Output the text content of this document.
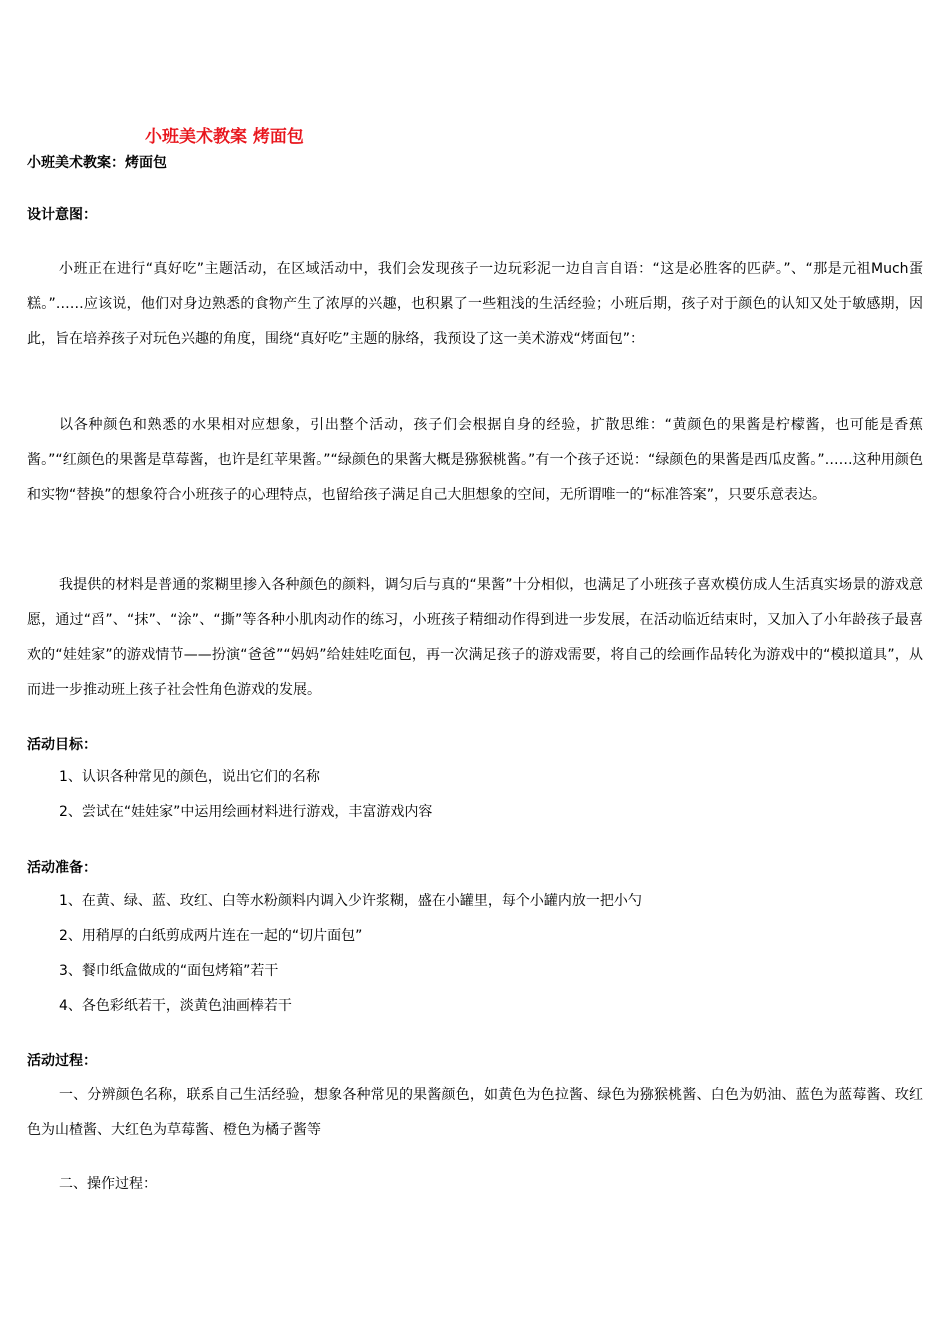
小班美术教案 烤面包
小班美术教案：烤面包
设计意图：

小班正在进行“真好吃”主题活动，在区域活动中，我们会发现孩子一边玩彩泥一边自言自语：“这是必胜客的匹萨。”、“那是元祖Much蛋糕。”……应该说，他们对身边熟悉的食物产生了浓厚的兴趣，也积累了一些粗浅的生活经验；小班后期，孩子对于颜色的认知又处于敏感期，因此，旨在培养孩子对玩色兴趣的角度，围绕“真好吃”主题的脉络，我预设了这一美术游戏“烤面包”：

以各种颜色和熟悉的水果相对应想象，引出整个活动，孩子们会根据自身的经验，扩散思维：“黄颜色的果酱是柠檬酱，也可能是香蕉酱。”“红颜色的果酱是草莓酱，也许是红苹果酱。”“绿颜色的果酱大概是猕猴桃酱。”有一个孩子还说：“绿颜色的果酱是西瓜皮酱。”……这种用颜色和实物“替换”的想象符合小班孩子的心理特点，也留给孩子满足自己大胆想象的空间，无所谓唯一的“标准答案”，只要乐意表达。

我提供的材料是普通的浆糊里掺入各种颜色的颜料，调匀后与真的“果酱”十分相似，也满足了小班孩子喜欢模仿成人生活真实场景的游戏意愿，通过“舀”、“抹”、“涂”、“撕”等各种小肌肉动作的练习，小班孩子精细动作得到进一步发展，在活动临近结束时，又加入了小年龄孩子最喜欢的“娃娃家”的游戏情节——扮演“爸爸”“妈妈”给娃娃吃面包，再一次满足孩子的游戏需要，将自己的绘画作品转化为游戏中的“模拟道具”，从而进一步推动班上孩子社会性角色游戏的发展。

活动目标：

1、认识各种常见的颜色，说出它们的名称

2、尝试在“娃娃家”中运用绘画材料进行游戏，丰富游戏内容

活动准备：

1、在黄、绿、蓝、玫红、白等水粉颜料内调入少许浆糊，盛在小罐里，每个小罐内放一把小勺

2、用稍厚的白纸剪成两片连在一起的“切片面包”

3、餐巾纸盒做成的“面包烤箱”若干

4、各色彩纸若干，淡黄色油画棒若干

活动过程：

一、分辨颜色名称，联系自己生活经验，想象各种常见的果酱颜色，如黄色为色拉酱、绿色为猕猴桃酱、白色为奶油、蓝色为蓝莓酱、玫红色为山楂酱、大红色为草莓酱、橙色为橘子酱等

二、操作过程：
